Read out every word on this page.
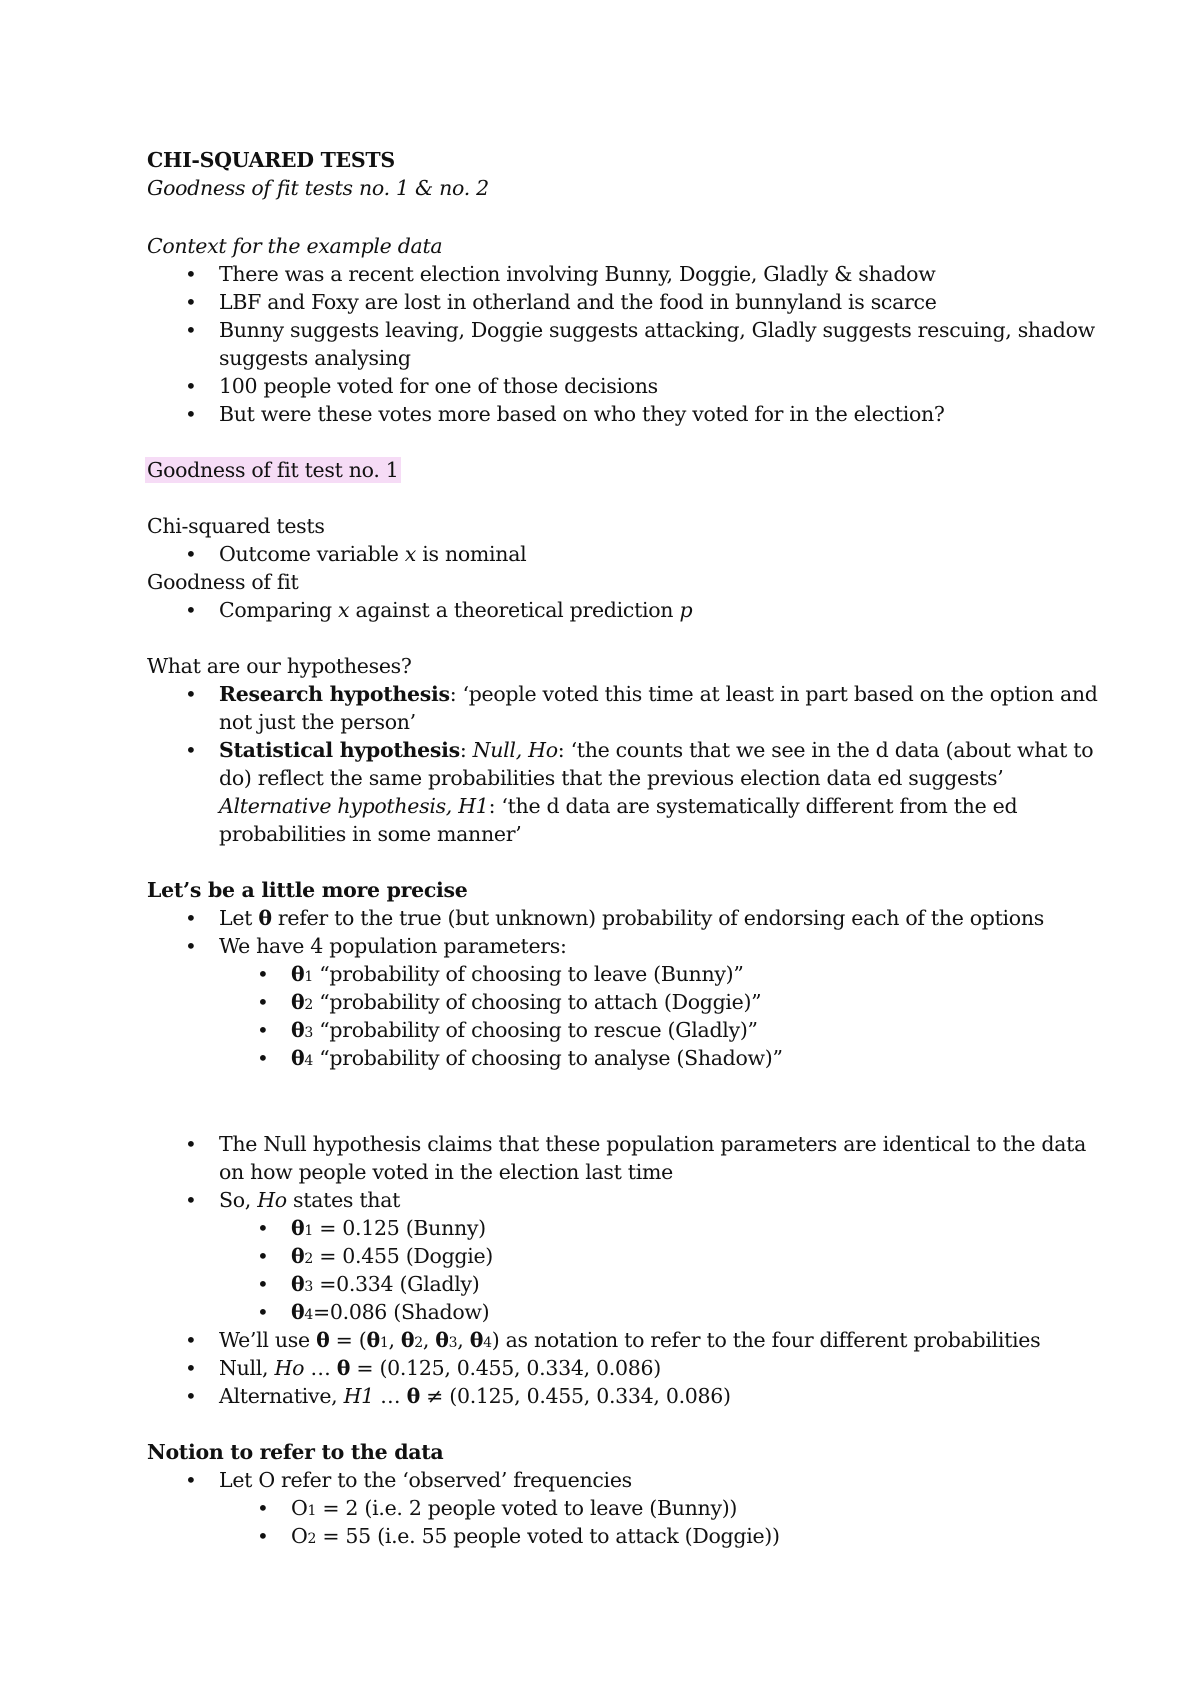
CHI-SQUARED TESTS
Goodness of fit tests no. 1 & no. 2
Context for the example data
• There was a recent election involving Bunny, Doggie, Gladly & shadow
• LBF and Foxy are lost in otherland and the food in bunnyland is scarce
• Bunny suggests leaving, Doggie suggests attacking, Gladly suggests rescuing, shadow
suggests analysing
• 100 people voted for one of those decisions
• But were these votes more based on who they voted for in the election?
Goodness of fit test no. 1
Chi-squared tests
• Outcome variable x is nominal
Goodness of fit
• Comparing x against a theoretical prediction p
What are our hypotheses?
• Research hypothesis: ‘people voted this time at least in part based on the option and
not just the person’
• Statistical hypothesis: Null, Ho: ‘the counts that we see in the d data (about what to
do) reflect the same probabilities that the previous election data ed suggests’
Alternative hypothesis, H1: ‘the d data are systematically different from the ed
probabilities in some manner’
Let’s be a little more precise
• Let θ refer to the true (but unknown) probability of endorsing each of the options
• We have 4 population parameters:
• θ1 “probability of choosing to leave (Bunny)”
• θ2 “probability of choosing to attach (Doggie)”
• θ3 “probability of choosing to rescue (Gladly)”
• θ4 “probability of choosing to analyse (Shadow)”
• The Null hypothesis claims that these population parameters are identical to the data
on how people voted in the election last time
• So, Ho states that
• θ1 = 0.125 (Bunny)
• θ2 = 0.455 (Doggie)
• θ3 =0.334 (Gladly)
• θ4=0.086 (Shadow)
• We’ll use θ = (θ1, θ2, θ3, θ4) as notation to refer to the four different probabilities
• Null, Ho … θ = (0.125, 0.455, 0.334, 0.086)
• Alternative, H1 … θ ≠ (0.125, 0.455, 0.334, 0.086)
Notion to refer to the data
• Let O refer to the ‘observed’ frequencies
• O1 = 2 (i.e. 2 people voted to leave (Bunny))
• O2 = 55 (i.e. 55 people voted to attack (Doggie))
